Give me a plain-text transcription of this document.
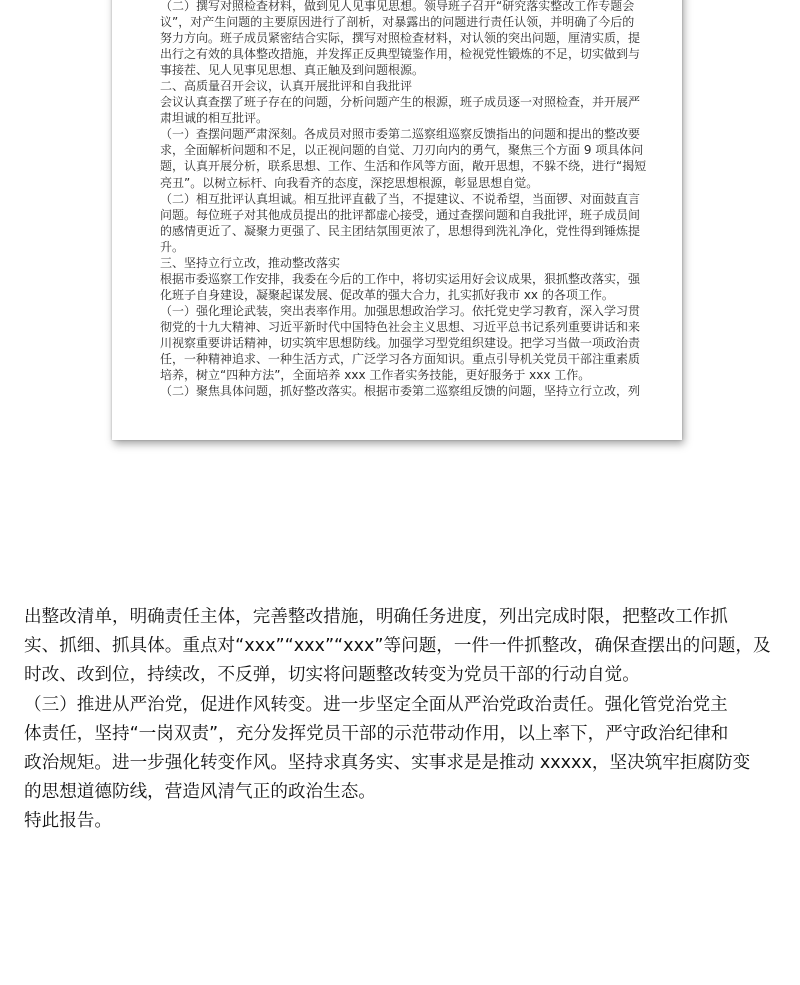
（二）撰写对照检查材料，做到见人见事见思想。领导班子召开“研究落实整改工作专题会

议”，对产生问题的主要原因进行了剖析，对暴露出的问题进行责任认领，并明确了今后的

努力方向。班子成员紧密结合实际，撰写对照检查材料，对认领的突出问题，厘清实质，提

出行之有效的具体整改措施，并发挥正反典型镜鉴作用，检视党性锻炼的不足，切实做到与

事接茬、见人见事见思想、真正触及到问题根源。

二、高质量召开会议，认真开展批评和自我批评

会议认真查摆了班子存在的问题，分析问题产生的根源，班子成员逐一对照检查，并开展严

肃坦诚的相互批评。

（一）查摆问题严肃深刻。各成员对照市委第二巡察组巡察反馈指出的问题和提出的整改要

求，全面解析问题和不足，以正视问题的自觉、刀刃向内的勇气，聚焦三个方面 9 项具体问

题，认真开展分析，联系思想、工作、生活和作风等方面，敞开思想，不躲不绕，进行“揭短

亮丑”。以树立标杆、向我看齐的态度，深挖思想根源，彰显思想自觉。

（二）相互批评认真坦诚。相互批评直截了当，不提建议、不说希望，当面锣、对面鼓直言

问题。每位班子对其他成员提出的批评都虚心接受，通过查摆问题和自我批评，班子成员间

的感情更近了、凝聚力更强了、民主团结氛围更浓了，思想得到洗礼净化，党性得到锤炼提

升。

三、坚持立行立改，推动整改落实

根据市委巡察工作安排，我委在今后的工作中，将切实运用好会议成果，狠抓整改落实，强

化班子自身建设，凝聚起谋发展、促改革的强大合力，扎实抓好我市 xx 的各项工作。

（一）强化理论武装，突出表率作用。加强思想政治学习。依托党史学习教育，深入学习贯

彻党的十九大精神、习近平新时代中国特色社会主义思想、习近平总书记系列重要讲话和来

川视察重要讲话精神，切实筑牢思想防线。加强学习型党组织建设。把学习当做一项政治责

任，一种精神追求、一种生活方式，广泛学习各方面知识。重点引导机关党员干部注重素质

培养，树立“四种方法”，全面培养 xxx 工作者实务技能，更好服务于 xxx 工作。

（二）聚焦具体问题，抓好整改落实。根据市委第二巡察组反馈的问题，坚持立行立改，列

出整改清单，明确责任主体，完善整改措施，明确任务进度，列出完成时限，把整改工作抓

实、抓细、抓具体。重点对“xxx”“xxx”“xxx”等问题，一件一件抓整改，确保查摆出的问题，及

时改、改到位，持续改，不反弹，切实将问题整改转变为党员干部的行动自觉。

（三）推进从严治党，促进作风转变。进一步坚定全面从严治党政治责任。强化管党治党主

体责任，坚持“一岗双责”，充分发挥党员干部的示范带动作用，以上率下，严守政治纪律和

政治规矩。进一步强化转变作风。坚持求真务实、实事求是是推动 xxxxx，坚决筑牢拒腐防变

的思想道德防线，营造风清气正的政治生态。

特此报告。
